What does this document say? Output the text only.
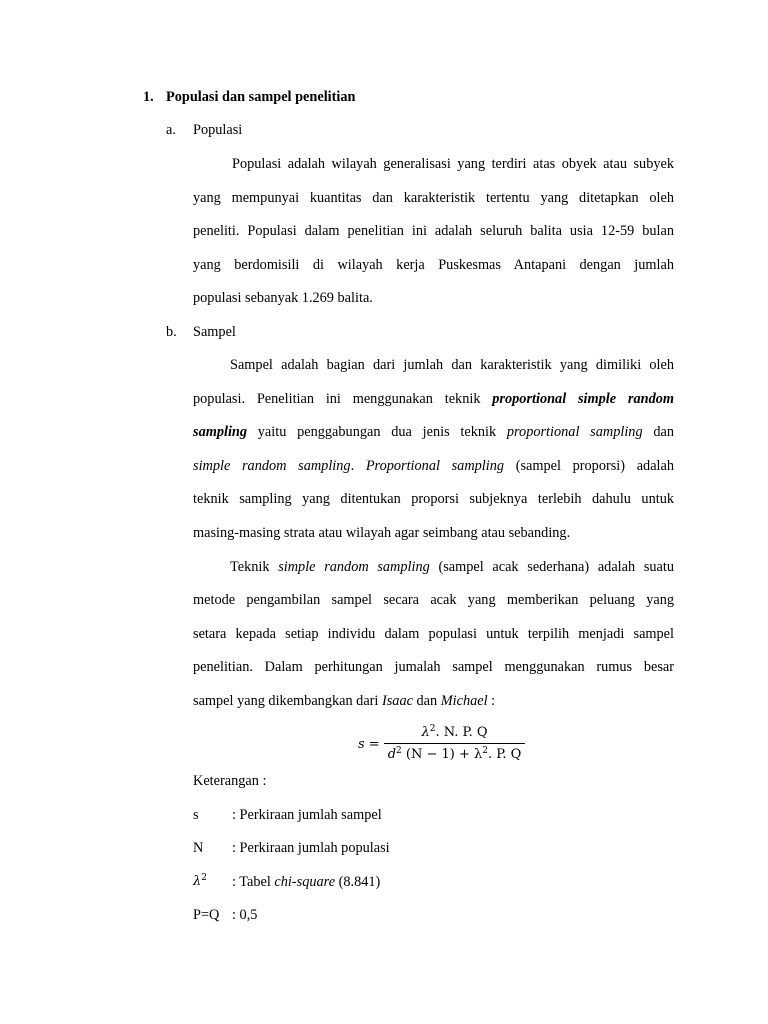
1. Populasi dan sampel penelitian
a. Populasi
Populasi adalah wilayah generalisasi yang terdiri atas obyek atau subyek
yang mempunyai kuantitas dan karakteristik tertentu yang ditetapkan oleh
peneliti. Populasi dalam penelitian ini adalah seluruh balita usia 12-59 bulan
yang berdomisili di wilayah kerja Puskesmas Antapani dengan jumlah
populasi sebanyak 1.269 balita.
b. Sampel
Sampel adalah bagian dari jumlah dan karakteristik yang dimiliki oleh
populasi. Penelitian ini menggunakan teknik proportional simple random
sampling yaitu penggabungan dua jenis teknik proportional sampling dan
simple random sampling. Proportional sampling (sampel proporsi) adalah
teknik sampling yang ditentukan proporsi subjeknya terlebih dahulu untuk
masing-masing strata atau wilayah agar seimbang atau sebanding.
Teknik simple random sampling (sampel acak sederhana) adalah suatu
metode pengambilan sampel secara acak yang memberikan peluang yang
setara kepada setiap individu dalam populasi untuk terpilih menjadi sampel
penelitian. Dalam perhitungan jumalah sampel menggunakan rumus besar
sampel yang dikembangkan dari Isaac dan Michael :
s =
$\lambda^2$. N. P. Q
$d^2$ $(N - 1) + \lambda^2$. P. Q
Keterangan :
s : Perkiraan jumlah sampel
N : Perkiraan jumlah populasi
$\lambda^2$ : Tabel chi-square (8.841)
P=Q : 0,5
